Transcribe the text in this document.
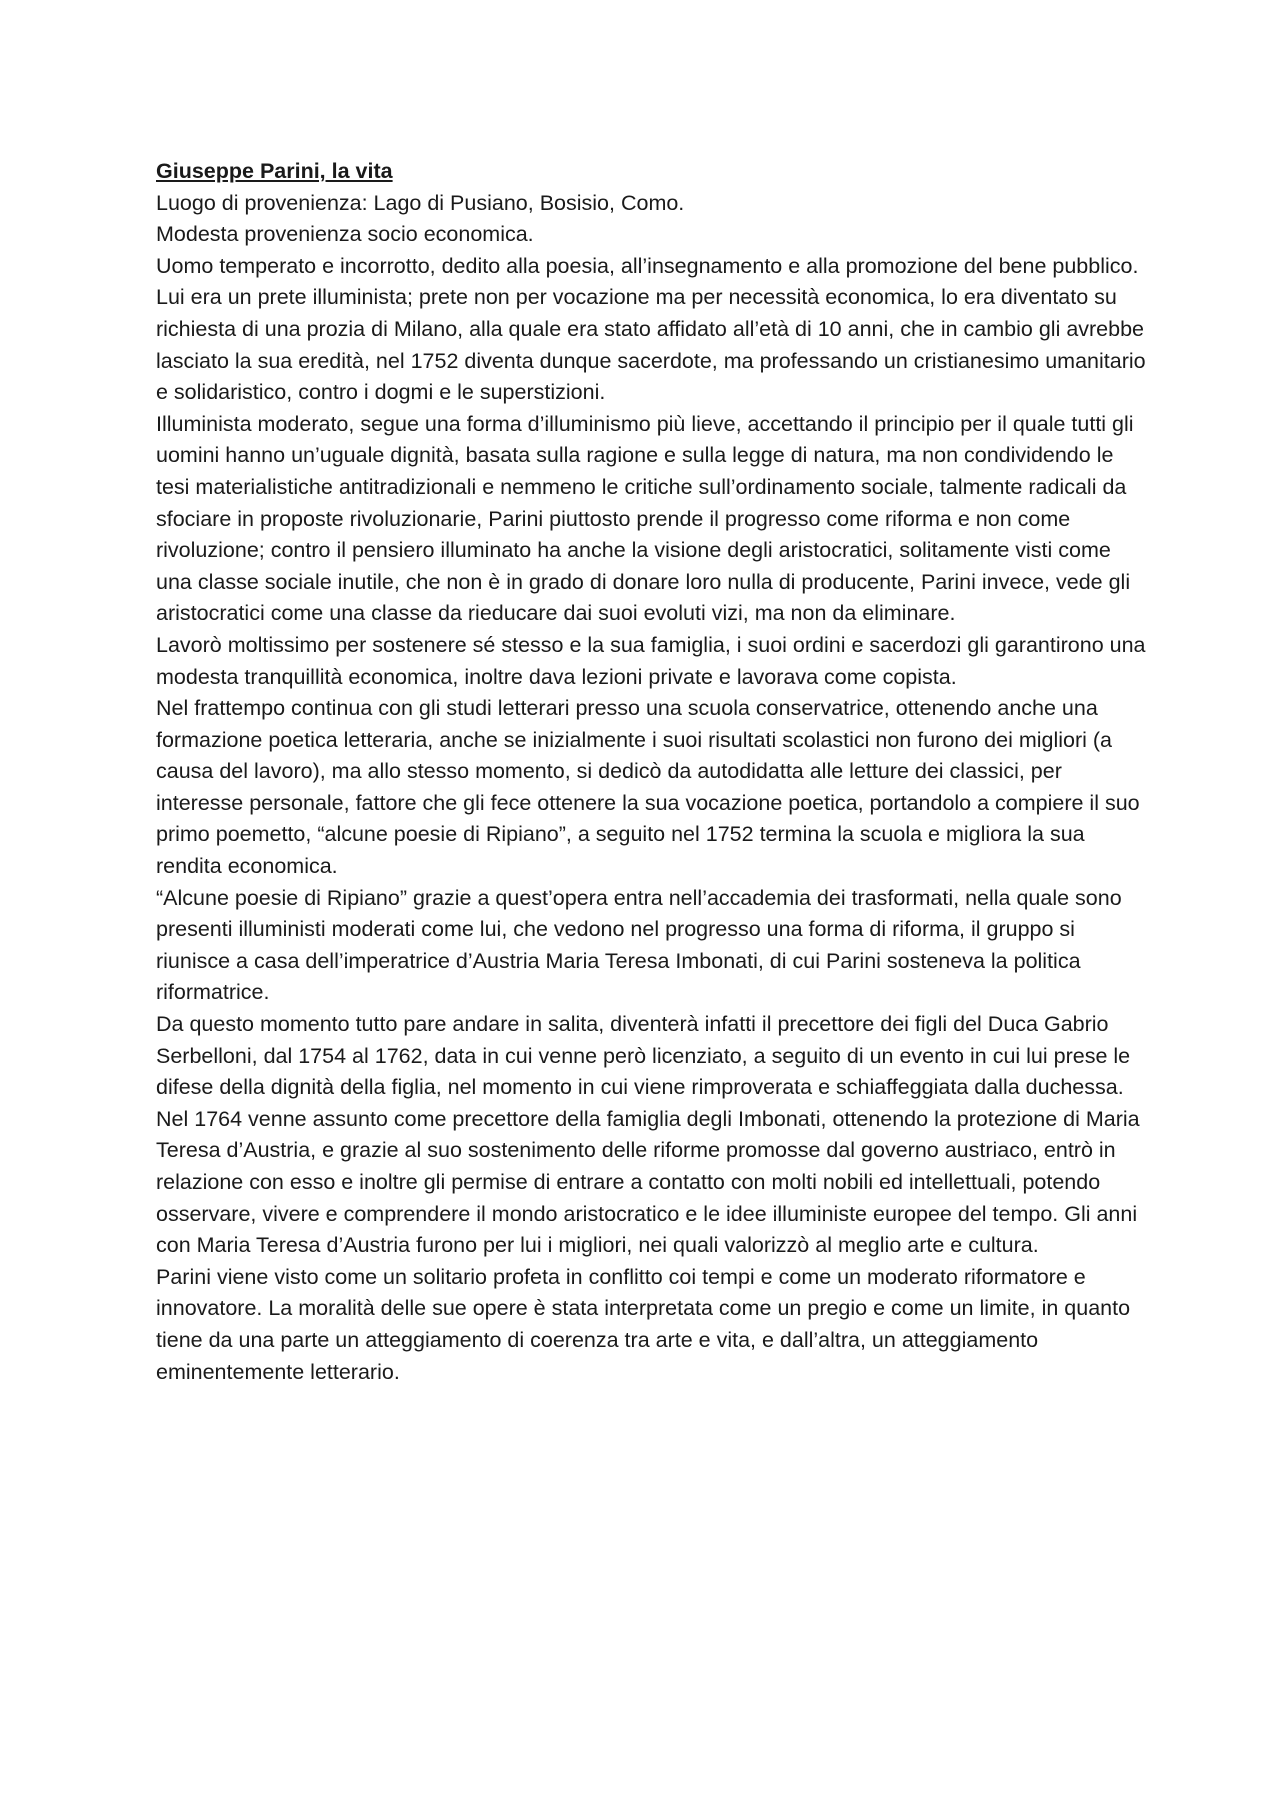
Giuseppe Parini, la vita

Luogo di provenienza: Lago di Pusiano, Bosisio, Como.

Modesta provenienza socio economica.

Uomo temperato e incorrotto, dedito alla poesia, all’insegnamento e alla promozione del bene pubblico.

Lui era un prete illuminista; prete non per vocazione ma per necessità economica, lo era diventato su richiesta di una prozia di Milano, alla quale era stato affidato all’età di 10 anni, che in cambio gli avrebbe lasciato la sua eredità, nel 1752 diventa dunque sacerdote, ma professando un cristianesimo umanitario e solidaristico, contro i dogmi e le superstizioni.

Illuminista moderato, segue una forma d’illuminismo più lieve, accettando il principio per il quale tutti gli uomini hanno un’uguale dignità, basata sulla ragione e sulla legge di natura, ma non condividendo le tesi materialistiche antitradizionali e nemmeno le critiche sull’ordinamento sociale, talmente radicali da sfociare in proposte rivoluzionarie, Parini piuttosto prende il progresso come riforma e non come rivoluzione; contro il pensiero illuminato ha anche la visione degli aristocratici, solitamente visti come una classe sociale inutile, che non è in grado di donare loro nulla di producente, Parini invece, vede gli aristocratici come una classe da rieducare dai suoi evoluti vizi, ma non da eliminare.

Lavorò moltissimo per sostenere sé stesso e la sua famiglia, i suoi ordini e sacerdozi gli garantirono una modesta tranquillità economica, inoltre dava lezioni private e lavorava come copista.

Nel frattempo continua con gli studi letterari presso una scuola conservatrice, ottenendo anche una formazione poetica letteraria, anche se inizialmente i suoi risultati scolastici non furono dei migliori (a causa del lavoro), ma allo stesso momento, si dedicò da autodidatta alle letture dei classici, per interesse personale, fattore che gli fece ottenere la sua vocazione poetica, portandolo a compiere il suo primo poemetto, “alcune poesie di Ripiano”, a seguito nel 1752 termina la scuola e migliora la sua rendita economica.

“Alcune poesie di Ripiano” grazie a quest’opera entra nell’accademia dei trasformati, nella quale sono presenti illuministi moderati come lui, che vedono nel progresso una forma di riforma, il gruppo si riunisce a casa dell’imperatrice d’Austria Maria Teresa Imbonati, di cui Parini sosteneva la politica riformatrice.

Da questo momento tutto pare andare in salita, diventerà infatti il precettore dei figli del Duca Gabrio Serbelloni, dal 1754 al 1762, data in cui venne però licenziato, a seguito di un evento in cui lui prese le difese della dignità della figlia, nel momento in cui viene rimproverata e schiaffeggiata dalla duchessa.

Nel 1764 venne assunto come precettore della famiglia degli Imbonati, ottenendo la protezione di Maria Teresa d’Austria, e grazie al suo sostenimento delle riforme promosse dal governo austriaco, entrò in relazione con esso e inoltre gli permise di entrare a contatto con molti nobili ed intellettuali, potendo osservare, vivere e comprendere il mondo aristocratico e le idee illuministe europee del tempo. Gli anni con Maria Teresa d’Austria furono per lui i migliori, nei quali valorizzò al meglio arte e cultura.

Parini viene visto come un solitario profeta in conflitto coi tempi e come un moderato riformatore e innovatore. La moralità delle sue opere è stata interpretata come un pregio e come un limite, in quanto tiene da una parte un atteggiamento di coerenza tra arte e vita, e dall’altra, un atteggiamento eminentemente letterario.
